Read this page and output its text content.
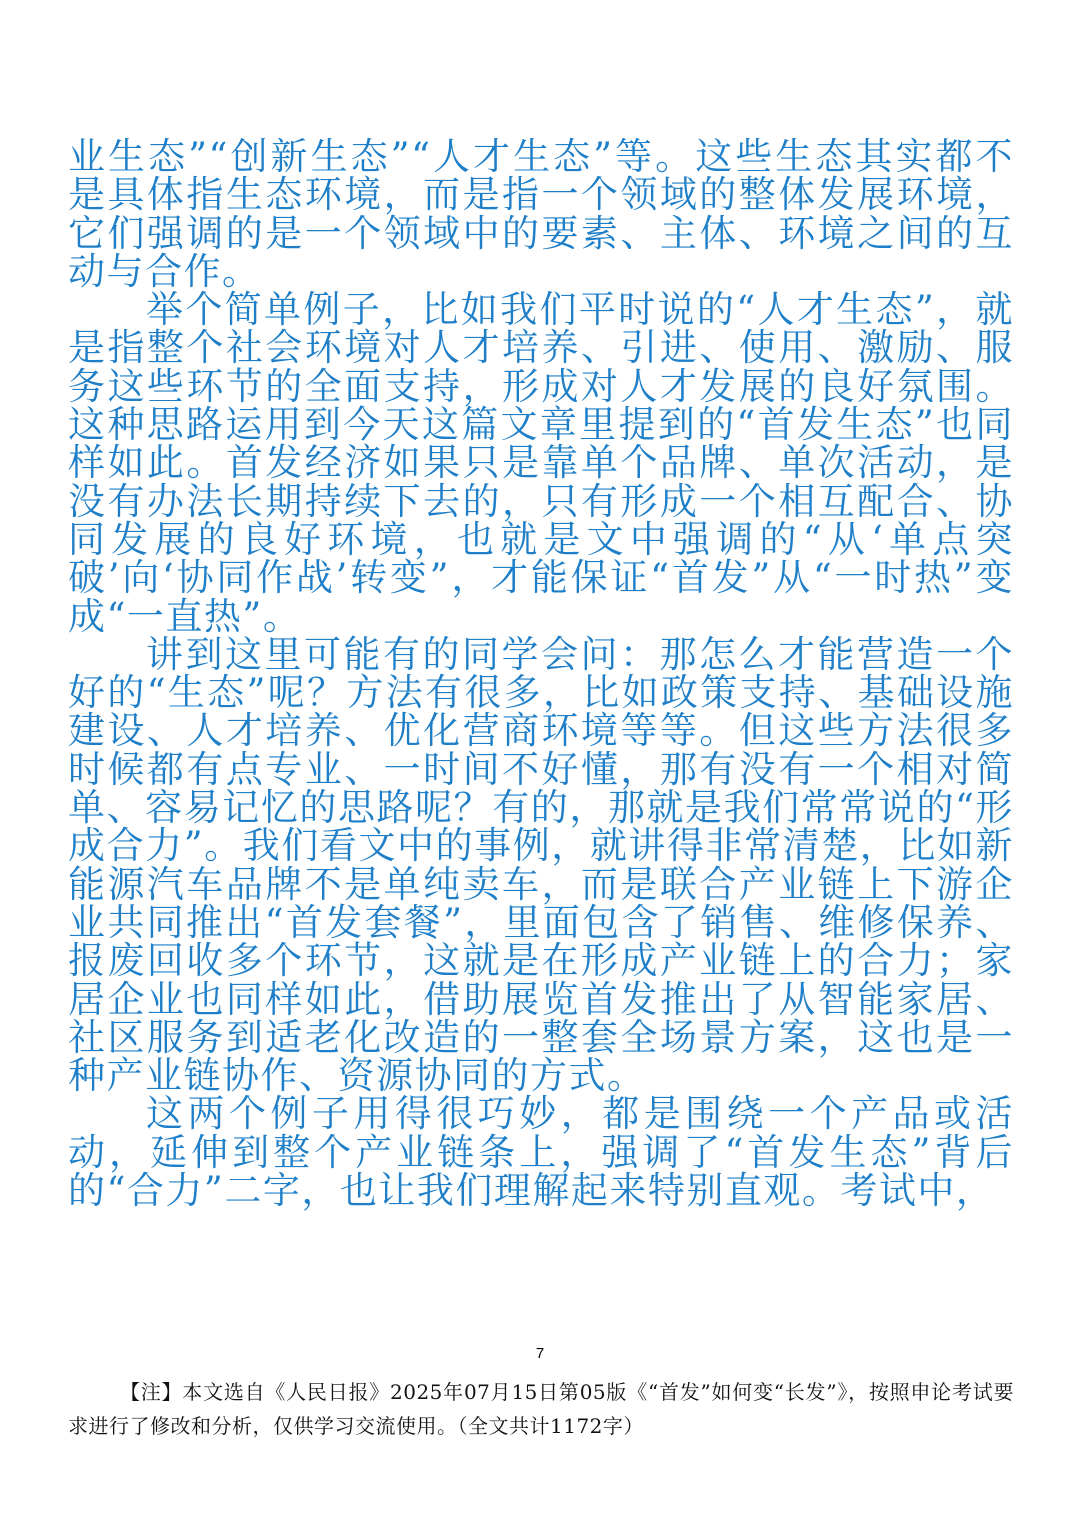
业生态”“创新生态”“人才生态”等。这些生态其实都不是具体指生态环境，而是指一个领域的整体发展环境，它们强调的是一个领域中的要素、主体、环境之间的互动与合作。

举个简单例子，比如我们平时说的“人才生态”，就是指整个社会环境对人才培养、引进、使用、激励、服务这些环节的全面支持，形成对人才发展的良好氛围。这种思路运用到今天这篇文章里提到的“首发生态”也同样如此。首发经济如果只是靠单个品牌、单次活动，是没有办法长期持续下去的，只有形成一个相互配合、协同发展的良好环境，也就是文中强调的“从‘单点突破’向‘协同作战’转变”，才能保证“首发”从“一时热”变成“一直热”。

讲到这里可能有的同学会问：那怎么才能营造一个好的“生态”呢？方法有很多，比如政策支持、基础设施建设、人才培养、优化营商环境等等。但这些方法很多时候都有点专业、一时间不好懂，那有没有一个相对简单、容易记忆的思路呢？有的，那就是我们常常说的“形成合力”。我们看文中的事例，就讲得非常清楚，比如新能源汽车品牌不是单纯卖车，而是联合产业链上下游企业共同推出“首发套餐”，里面包含了销售、维修保养、报废回收多个环节，这就是在形成产业链上的合力；家居企业也同样如此，借助展览首发推出了从智能家居、社区服务到适老化改造的一整套全场景方案，这也是一种产业链协作、资源协同的方式。

这两个例子用得很巧妙，都是围绕一个产品或活动，延伸到整个产业链条上，强调了“首发生态”背后的“合力”二字，也让我们理解起来特别直观。考试中，

7
【注】本文选自《人民日报》2025年07月15日第05版《“首发”如何变“长发”》，按照申论考试要求进行了修改和分析，仅供学习交流使用。（全文共计1172字）
